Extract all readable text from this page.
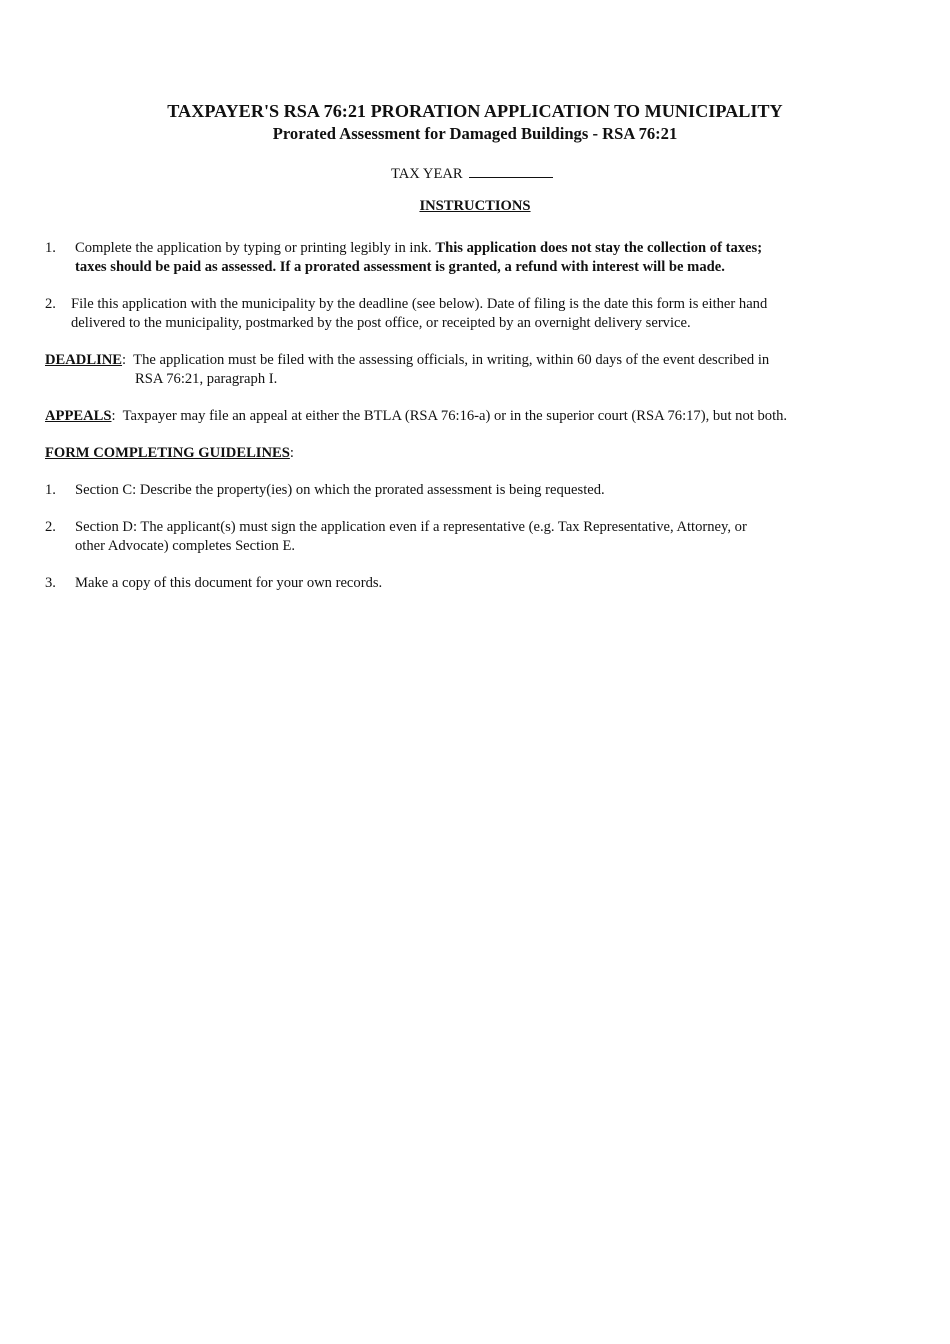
TAXPAYER'S RSA 76:21 PRORATION APPLICATION TO MUNICIPALITY
Prorated Assessment for Damaged Buildings - RSA 76:21
TAX YEAR
INSTRUCTIONS
1. Complete the application by typing or printing legibly in ink. This application does not stay the collection of taxes;
taxes should be paid as assessed. If a prorated assessment is granted, a refund with interest will be made.
2. File this application with the municipality by the deadline (see below). Date of filing is the date this form is either hand
delivered to the municipality, postmarked by the post office, or receipted by an overnight delivery service.
DEADLINE: The application must be filed with the assessing officials, in writing, within 60 days of the event described in
RSA 76:21, paragraph I.
APPEALS: Taxpayer may file an appeal at either the BTLA (RSA 76:16-a) or in the superior court (RSA 76:17), but not both.
FORM COMPLETING GUIDELINES:
1. Section C: Describe the property(ies) on which the prorated assessment is being requested.
2. Section D: The applicant(s) must sign the application even if a representative (e.g. Tax Representative, Attorney, or
other Advocate) completes Section E.
3. Make a copy of this document for your own records.
